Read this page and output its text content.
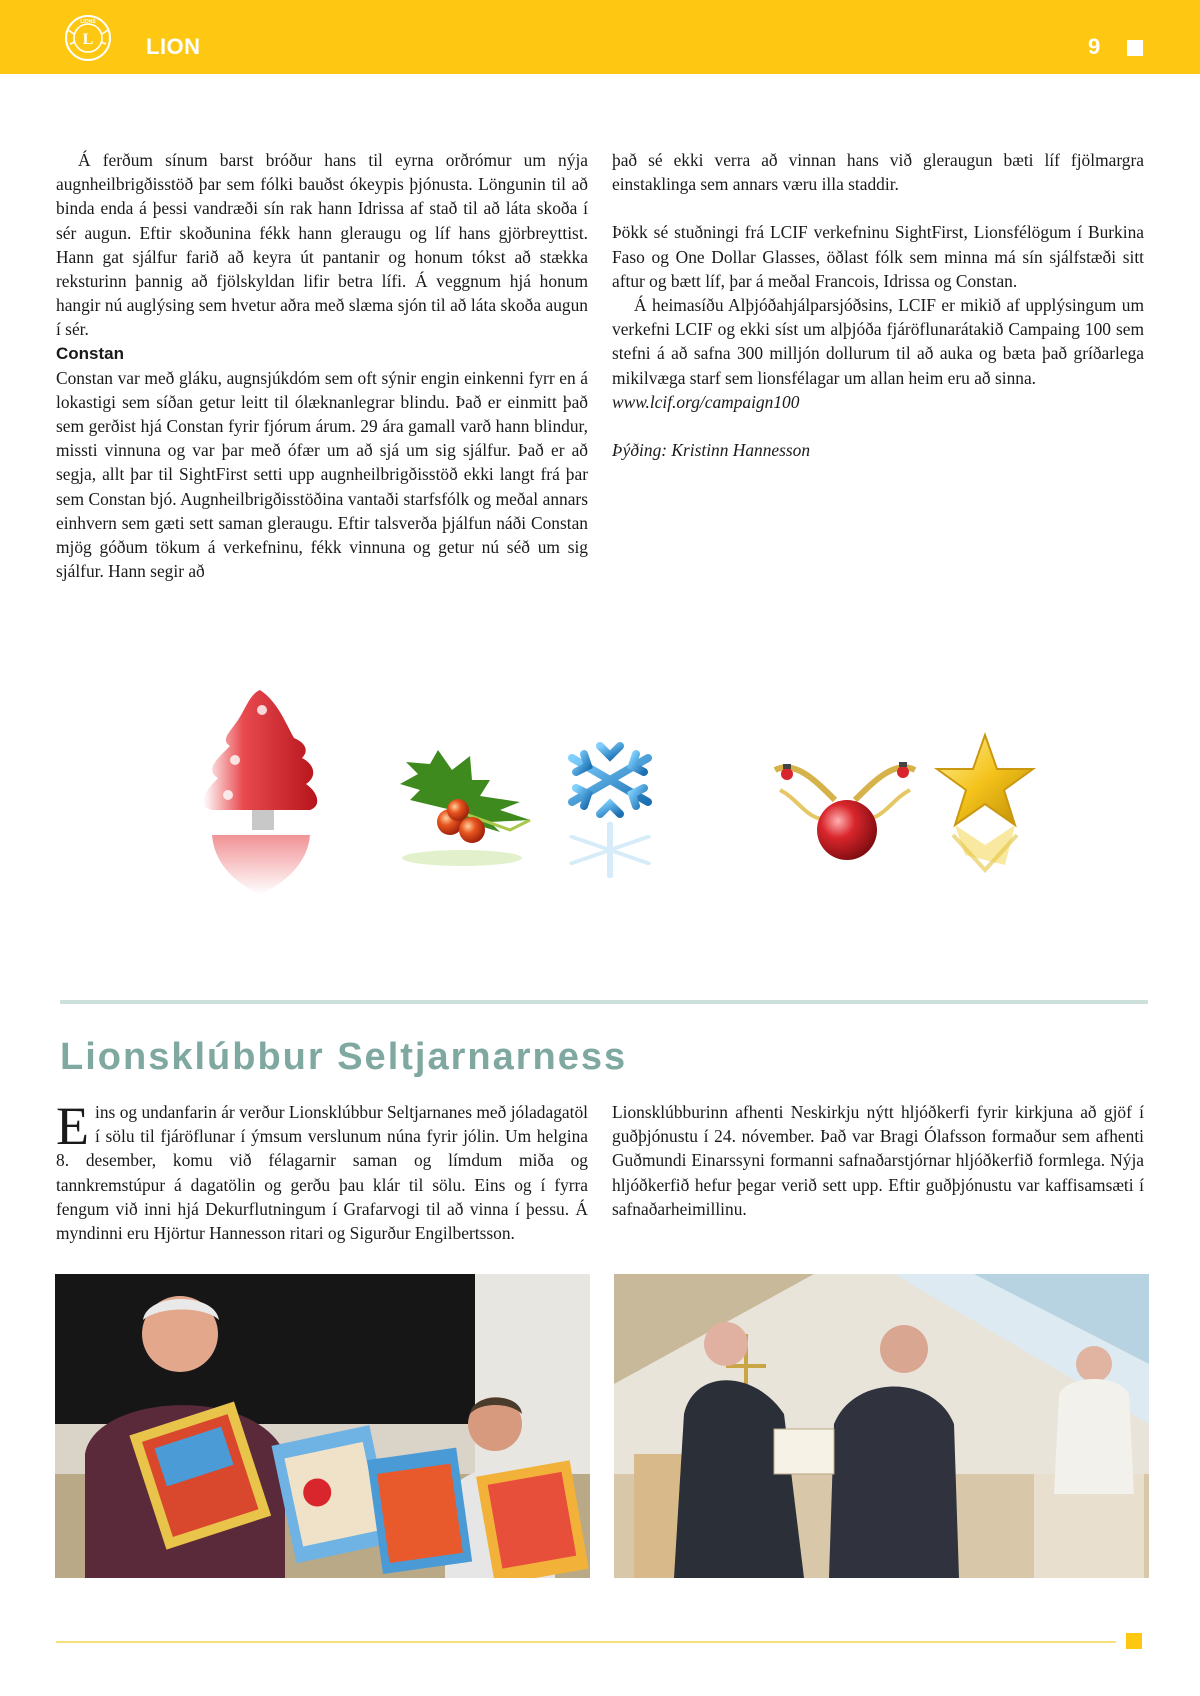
LIONS
L LION	9

Á ferðum sínum barst bróður hans til eyrna orðrómur um nýja augnheilbrigðisstöð þar sem fólki bauðst ókeypis þjónusta. Löngunin til að binda enda á þessi vandræði sín rak hann Idrissa af stað til að láta skoða í sér augun. Eftir skoðunina fékk hann gleraugu og líf hans gjörbreyttist. Hann gat sjálfur farið að keyra út pantanir og honum tókst að stækka reksturinn þannig að fjölskyldan lifir betra lífi. Á veggnum hjá honum hangir nú auglýsing sem hvetur aðra með slæma sjón til að láta skoða augun í sér.

Constan

Constan var með gláku, augnsjúkdóm sem oft sýnir engin einkenni fyrr en á lokastigi sem síðan getur leitt til ólæknanlegrar blindu. Það er einmitt það sem gerðist hjá Constan fyrir fjórum árum. 29 ára gamall varð hann blindur, missti vinnuna og var þar með ófær um að sjá um sig sjálfur. Það er að segja, allt þar til SightFirst setti upp augnheilbrigðisstöð ekki langt frá þar sem Constan bjó. Augnheilbrigðisstöðina vantaði starfsfólk og meðal annars einhvern sem gæti sett saman gleraugu. Eftir talsverða þjálfun náði Constan mjög góðum tökum á verkefninu, fékk vinnuna og getur nú séð um sig sjálfur. Hann segir að

það sé ekki verra að vinnan hans við gleraugun bæti líf fjölmargra einstaklinga sem annars væru illa staddir.

Þökk sé stuðningi frá LCIF verkefninu SightFirst, Lionsfélögum í Burkina Faso og One Dollar Glasses, öðlast fólk sem minna má sín sjálfstæði sitt aftur og bætt líf, þar á meðal Francois, Idrissa og Constan.

Á heimasíðu Alþjóðahjálparsjóðsins, LCIF er mikið af upplýsingum um verkefni LCIF og ekki síst um alþjóða fjáröflunarátakið Campaing 100 sem stefni á að safna 300 milljón dollurum til að auka og bæta það gríðarlega mikilvæga starf sem lionsfélagar um allan heim eru að sinna.

www.lcif.org/campaign100

Þýðing: Kristinn Hannesson

Lionsklúbbur Seltjarnarness

Eins og undanfarin ár verður Lionsklúbbur Seltjarnanes með jóladagatöl í sölu til fjáröflunar í ýmsum verslunum núna fyrir jólin. Um helgina 8. desember, komu við félagarnir saman og límdum miða og tannkremstúpur á dagatölin og gerðu þau klár til sölu. Eins og í fyrra fengum við inni hjá Dekurflutningum í Grafarvogi til að vinna í þessu. Á myndinni eru Hjörtur Hannesson ritari og Sigurður Engilbertsson.

Lionsklúbburinn afhenti Neskirkju nýtt hljóðkerfi fyrir kirkjuna að gjöf í guðþjónustu í 24. nóvember. Það var Bragi Ólafsson formaður sem afhenti Guðmundi Einarssyni formanni safnaðarstjórnar hljóðkerfið formlega. Nýja hljóðkerfið hefur þegar verið sett upp. Eftir guðþjónustu var kaffisamsæti í safnaðarheimillinu.
